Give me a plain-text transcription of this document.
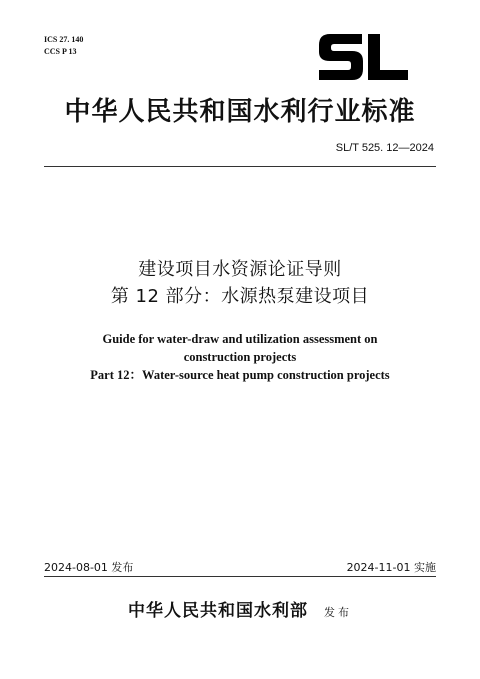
ICS 27. 140
CCS P 13
中华人民共和国水利行业标准
SL/T 525. 12—2024
建设项目水资源论证导则
第 12 部分：水源热泵建设项目
Guide for water-draw and utilization assessment on
construction projects
Part 12：Water-source heat pump construction projects
2024-08-01 发布	2024-11-01 实施
中华人民共和国水利部 发布
